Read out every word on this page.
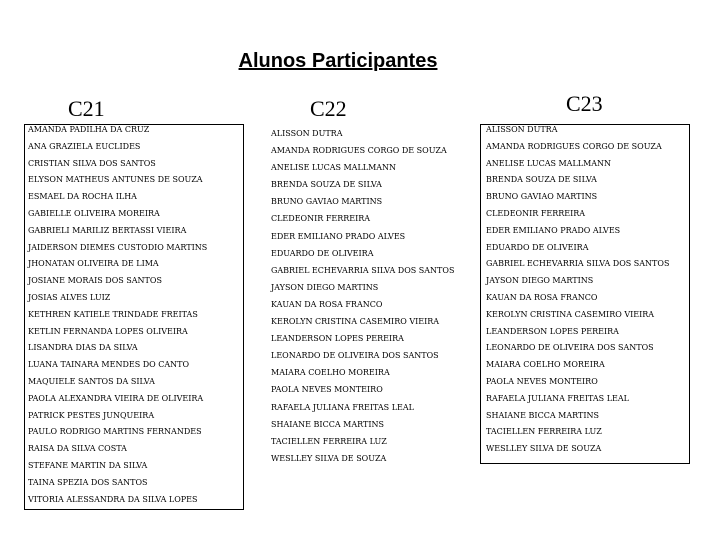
Alunos Participantes
C21	C22	C23
AMANDA PADILHA DA CRUZ
ANA GRAZIELA EUCLIDES
CRISTIAN SILVA DOS SANTOS
ELYSON MATHEUS ANTUNES DE SOUZA
ESMAEL DA ROCHA ILHA
GABIELLE OLIVEIRA MOREIRA
GABRIELI MARILIZ BERTASSI VIEIRA
JAIDERSON DIEMES CUSTODIO MARTINS
JHONATAN OLIVEIRA DE LIMA
JOSIANE MORAIS DOS SANTOS
JOSIAS ALVES LUIZ
KETHREN KATIELE TRINDADE FREITAS
KETLIN FERNANDA LOPES OLIVEIRA
LISANDRA DIAS DA SILVA
LUANA TAINARA MENDES DO CANTO
MAQUIELE SANTOS DA SILVA
PAOLA ALEXANDRA VIEIRA DE OLIVEIRA
PATRICK PESTES JUNQUEIRA
PAULO RODRIGO MARTINS FERNANDES
RAISA DA SILVA COSTA
STEFANE MARTIN DA SILVA
TAINÃ SPEZIA DOS SANTOS
VITÓRIA ALESSANDRA DA SILVA LOPES
ALISSON DUTRA
AMANDA RODRIGUES CORGO DE SOUZA
ANELISE LUCAS MALLMANN
BRENDA SOUZA DE SILVA
BRUNO GAVIÃO MARTINS
CLEDEONIR FERREIRA
EDER EMILIANO PRADO ALVES
EDUARDO DE OLIVEIRA
GABRIEL ECHEVARRIA SILVA DOS SANTOS
JAYSON DIEGO MARTINS
KAUAN DA ROSA FRANCO
KEROLYN CRISTINA CASEMIRO VIEIRA
LEANDERSON LOPES PEREIRA
LEONARDO DE OLIVEIRA DOS SANTOS
MAIARA COELHO MOREIRA
PAOLA NEVES MONTEIRO
RAFAELA JULIANA FREITAS LEAL
SHAIANE BICCA MARTINS
TACIELLEN FERREIRA LUZ
WESLLEY SILVA DE SOUZA
ALISSON DUTRA
AMANDA RODRIGUES CORGO DE SOUZA
ANELISE LUCAS MALLMANN
BRENDA SOUZA DE SILVA
BRUNO GAVIÃO MARTINS
CLEDEONIR FERREIRA
EDER EMILIANO PRADO ALVES
EDUARDO DE OLIVEIRA
GABRIEL ECHEVARRIA SILVA DOS SANTOS
JAYSON DIEGO MARTINS
KAUAN DA ROSA FRANCO
KEROLYN CRISTINA CASEMIRO VIEIRA
LEANDERSON LOPES PEREIRA
LEONARDO DE OLIVEIRA DOS SANTOS
MAIARA COELHO MOREIRA
PAOLA NEVES MONTEIRO
RAFAELA JULIANA FREITAS LEAL
SHAIANE BICCA MARTINS
TACIELLEN FERREIRA LUZ
WESLLEY SILVA DE SOUZA
